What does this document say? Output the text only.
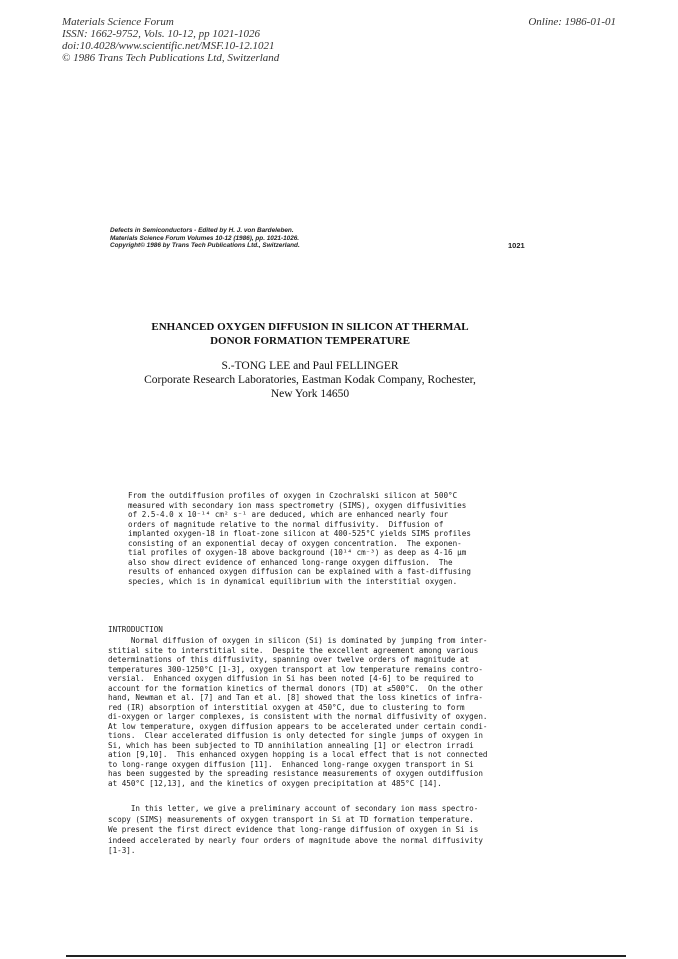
Materials Science Forum
ISSN: 1662-9752, Vols. 10-12, pp 1021-1026
doi:10.4028/www.scientific.net/MSF.10-12.1021
© 1986 Trans Tech Publications Ltd, Switzerland
Online: 1986-01-01
Defects in Semiconductors - Edited by H. J. von Bardeleben.
Materials Science Forum Volumes 10-12 (1986), pp. 1021-1026.
Copyright© 1986 by Trans Tech Publications Ltd., Switzerland.	1021
ENHANCED OXYGEN DIFFUSION IN SILICON AT THERMAL
DONOR FORMATION TEMPERATURE
S.-TONG LEE and Paul FELLINGER
Corporate Research Laboratories, Eastman Kodak Company, Rochester,
New York 14650
From the outdiffusion profiles of oxygen in Czochralski silicon at 500°C
measured with secondary ion mass spectrometry (SIMS), oxygen diffusivities
of 2.5-4.0 x 10⁻¹⁴ cm² s⁻¹ are deduced, which are enhanced nearly four
orders of magnitude relative to the normal diffusivity.  Diffusion of
implanted oxygen-18 in float-zone silicon at 400-525°C yields SIMS profiles
consisting of an exponential decay of oxygen concentration.  The exponen-
tial profiles of oxygen-18 above background (10¹⁴ cm⁻³) as deep as 4-16 µm
also show direct evidence of enhanced long-range oxygen diffusion.  The
results of enhanced oxygen diffusion can be explained with a fast-diffusing
species, which is in dynamical equilibrium with the interstitial oxygen.
INTRODUCTION
Normal diffusion of oxygen in silicon (Si) is dominated by jumping from inter-
stitial site to interstitial site.  Despite the excellent agreement among various
determinations of this diffusivity, spanning over twelve orders of magnitude at
temperatures 300-1250°C [1-3], oxygen transport at low temperature remains contro-
versial.  Enhanced oxygen diffusion in Si has been noted [4-6] to be required to
account for the formation kinetics of thermal donors (TD) at ≤500°C.  On the other
hand, Newman et al. [7] and Tan et al. [8] showed that the loss kinetics of infra-
red (IR) absorption of interstitial oxygen at 450°C, due to clustering to form
di-oxygen or larger complexes, is consistent with the normal diffusivity of oxygen.
At low temperature, oxygen diffusion appears to be accelerated under certain condi-
tions.  Clear accelerated diffusion is only detected for single jumps of oxygen in
Si, which has been subjected to TD annihilation annealing [1] or electron irradi
ation [9,10].  This enhanced oxygen hopping is a local effect that is not connected
to long-range oxygen diffusion [11].  Enhanced long-range oxygen transport in Si
has been suggested by the spreading resistance measurements of oxygen outdiffusion
at 450°C [12,13], and the kinetics of oxygen precipitation at 485°C [14].
In this letter, we give a preliminary account of secondary ion mass spectro-
scopy (SIMS) measurements of oxygen transport in Si at TD formation temperature.
We present the first direct evidence that long-range diffusion of oxygen in Si is
indeed accelerated by nearly four orders of magnitude above the normal diffusivity
[1-3].
